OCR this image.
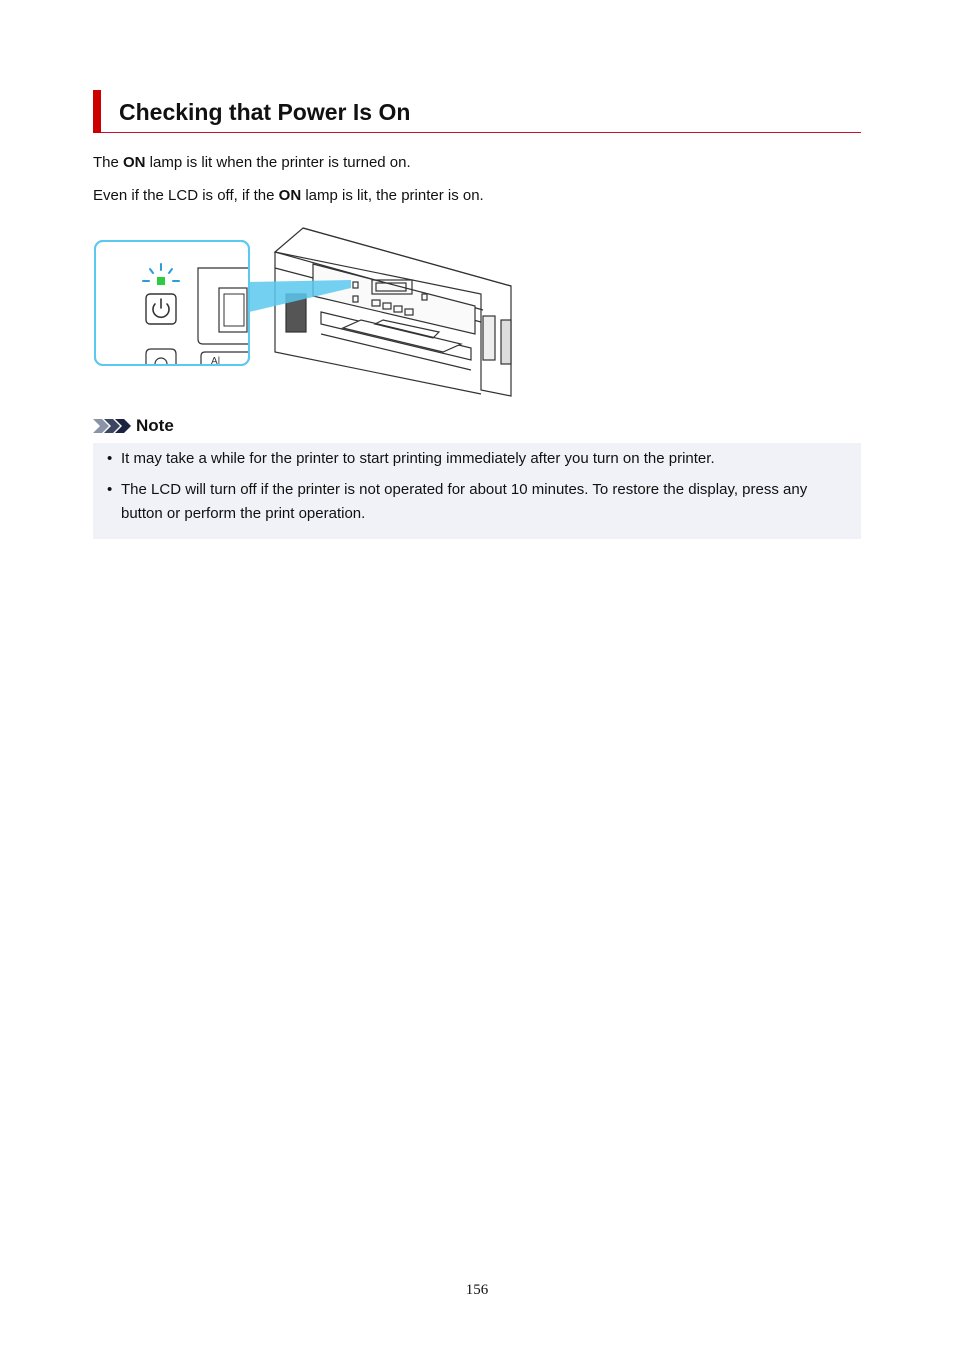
Checking that Power Is On

The ON lamp is lit when the printer is turned on.

Even if the LCD is off, if the ON lamp is lit, the printer is on.

A|
Note
• It may take a while for the printer to start printing immediately after you turn on the printer.
• The LCD will turn off if the printer is not operated for about 10 minutes. To restore the display, press any button or perform the print operation.
156
